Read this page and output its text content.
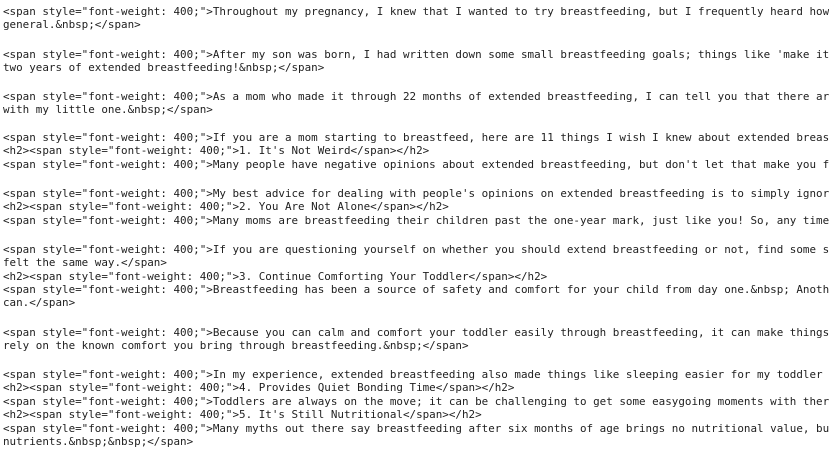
<span style="font-weight: 400;">Throughout my pregnancy, I knew that I wanted to try breastfeeding, but I frequently heard how
general.&nbsp;</span>
<span style="font-weight: 400;">After my son was born, I had written down some small breastfeeding goals; things like 'make it
two years of extended breastfeeding!&nbsp;</span>
<span style="font-weight: 400;">As a mom who made it through 22 months of extended breastfeeding, I can tell you that there ar
with my little one.&nbsp;</span>
<span style="font-weight: 400;">If you are a mom starting to breastfeed, here are 11 things I wish I knew about extended breas
<h2><span style="font-weight: 400;">1. It's Not Weird</span></h2>
<span style="font-weight: 400;">Many people have negative opinions about extended breastfeeding, but don't let that make you f
<span style="font-weight: 400;">My best advice for dealing with people's opinions on extended breastfeeding is to simply ignor
<h2><span style="font-weight: 400;">2. You Are Not Alone</span></h2>
<span style="font-weight: 400;">Many moms are breastfeeding their children past the one-year mark, just like you! So, any time
<span style="font-weight: 400;">If you are questioning yourself on whether you should extend breastfeeding or not, find some s
felt the same way.</span>
<h2><span style="font-weight: 400;">3. Continue Comforting Your Toddler</span></h2>
<span style="font-weight: 400;">Breastfeeding has been a source of safety and comfort for your child from day one.&nbsp; Anoth
can.</span>
<span style="font-weight: 400;">Because you can calm and comfort your toddler easily through breastfeeding, it can make things
rely on the known comfort you bring through breastfeeding.&nbsp;</span>
<span style="font-weight: 400;">In my experience, extended breastfeeding also made things like sleeping easier for my toddler
<h2><span style="font-weight: 400;">4. Provides Quiet Bonding Time</span></h2>
<span style="font-weight: 400;">Toddlers are always on the move; it can be challenging to get some easygoing moments with ther
<h2><span style="font-weight: 400;">5. It's Still Nutritional</span></h2>
<span style="font-weight: 400;">Many myths out there say breastfeeding after six months of age brings no nutritional value, bu
nutrients.&nbsp;&nbsp;</span>
